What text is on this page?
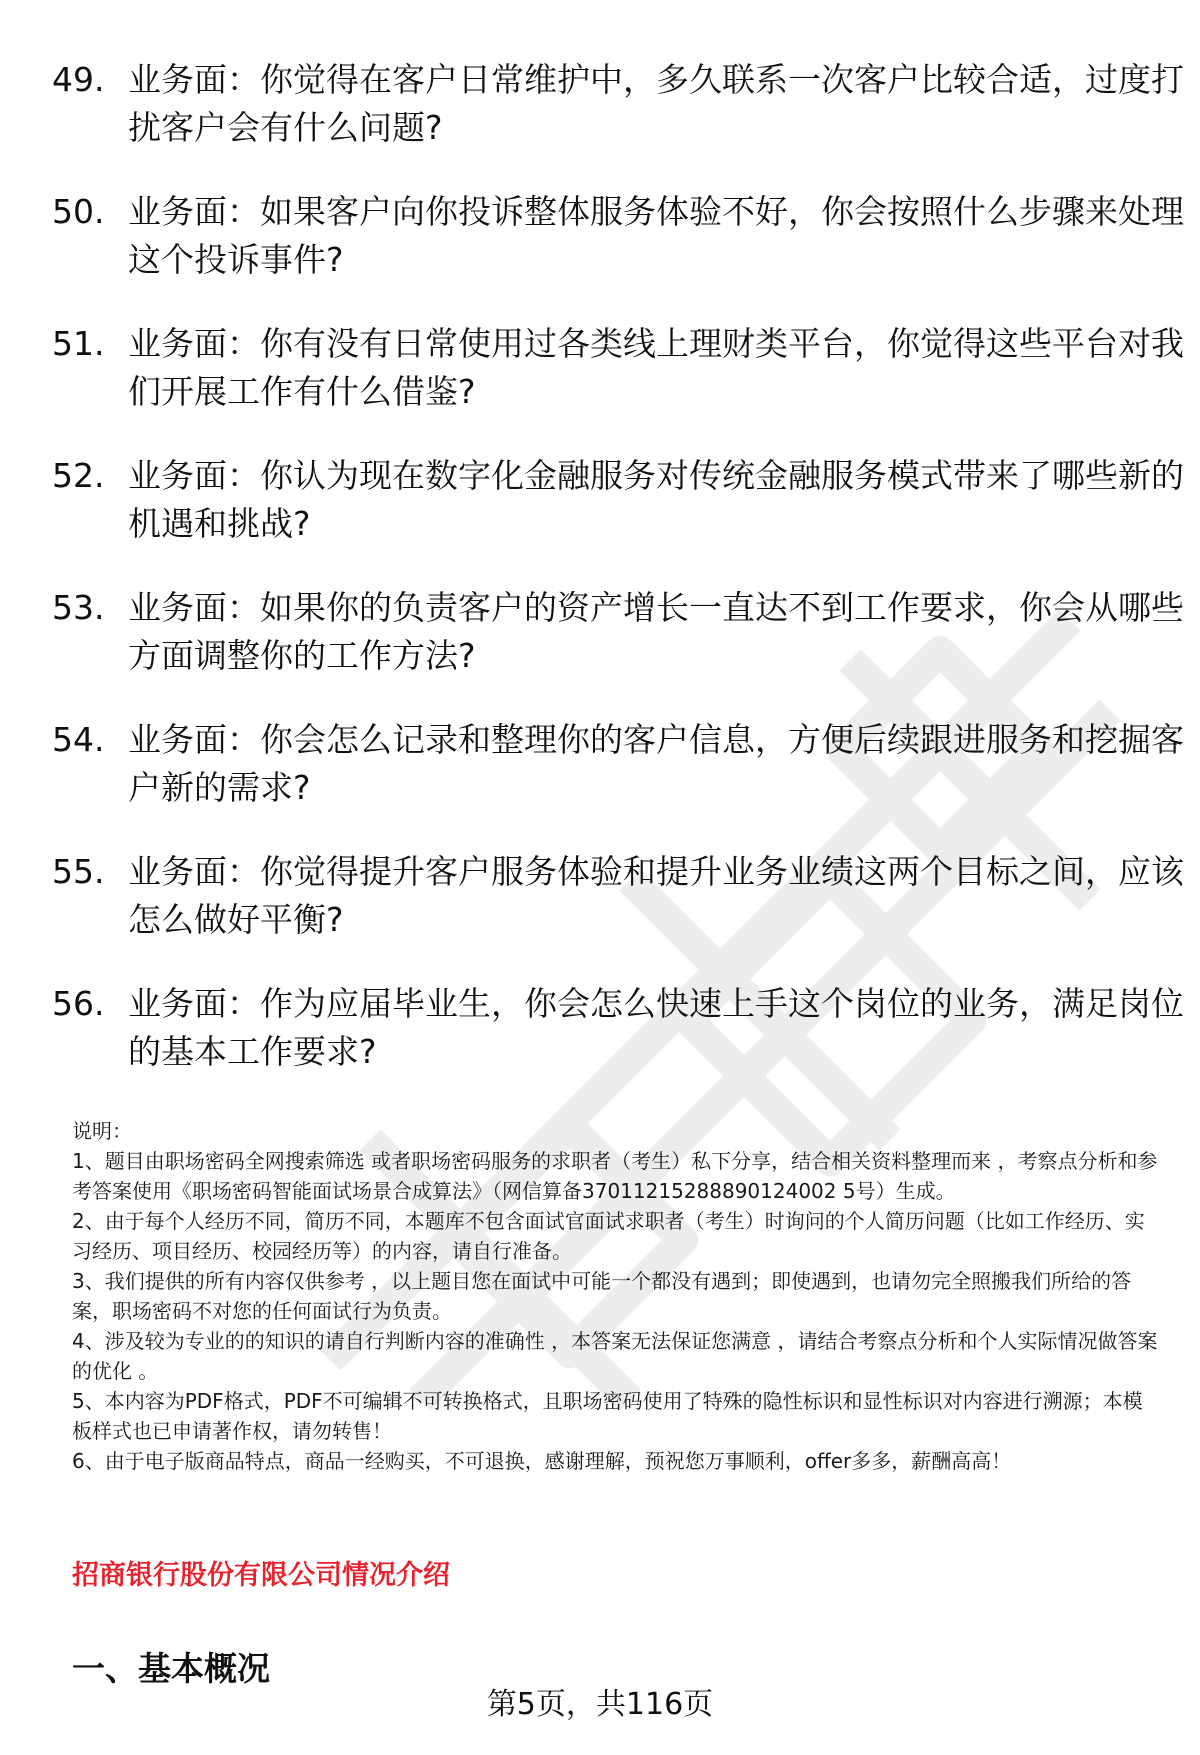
49. 业务面：你觉得在客户日常维护中，多久联系一次客户比较合适，过度打扰客户会有什么问题?
50. 业务面：如果客户向你投诉整体服务体验不好，你会按照什么步骤来处理这个投诉事件?
51. 业务面：你有没有日常使用过各类线上理财类平台，你觉得这些平台对我们开展工作有什么借鉴?
52. 业务面：你认为现在数字化金融服务对传统金融服务模式带来了哪些新的机遇和挑战?
53. 业务面：如果你的负责客户的资产增长一直达不到工作要求，你会从哪些方面调整你的工作方法?
54. 业务面：你会怎么记录和整理你的客户信息，方便后续跟进服务和挖掘客户新的需求?
55. 业务面：你觉得提升客户服务体验和提升业务业绩这两个目标之间，应该怎么做好平衡?
56. 业务面：作为应届毕业生，你会怎么快速上手这个岗位的业务，满足岗位的基本工作要求?

说明：

1、题目由职场密码全网搜索筛选 或者职场密码服务的求职者（考生）私下分享，结合相关资料整理而来 ，考察点分析和参考答案使用《职场密码智能面试场景合成算法》（网信算备37011215288890124002 5号）生成。

2、由于每个人经历不同，简历不同，本题库不包含面试官面试求职者（考生）时询问的个人简历问题（比如工作经历、实习经历、项目经历、校园经历等）的内容，请自行准备。

3、我们提供的所有内容仅供参考 ，以上题目您在面试中可能一个都没有遇到；即使遇到，也请勿完全照搬我们所给的答案，职场密码不对您的任何面试行为负责。

4、涉及较为专业的的知识的请自行判断内容的准确性 ，本答案无法保证您满意 ，请结合考察点分析和个人实际情况做答案的优化 。

5、本内容为PDF格式，PDF不可编辑不可转换格式，且职场密码使用了特殊的隐性标识和显性标识对内容进行溯源；本模板样式也已申请著作权，请勿转售！

6、由于电子版商品特点，商品一经购买，不可退换，感谢理解，预祝您万事顺利，offer多多，薪酬高高！

招商银行股份有限公司情况介绍
一、基本概况
第5页，共116页
